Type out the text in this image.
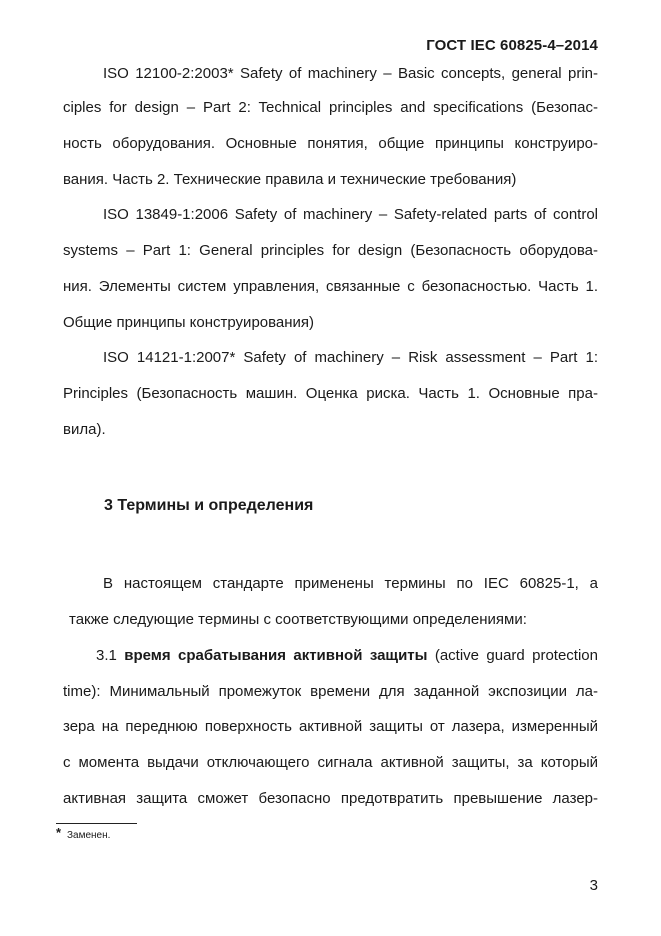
ГОСТ IEC 60825-4–2014
ISO 12100-2:2003* Safety of machinery – Basic concepts, general prin-
ciples for design – Part 2: Technical principles and specifications (Безопас-
ность оборудования. Основные понятия, общие принципы конструиро-
вания. Часть 2. Технические правила и технические требования)
ISO 13849-1:2006 Safety of machinery – Safety-related parts of control
systems – Part 1: General principles for design (Безопасность оборудова-
ния. Элементы систем управления, связанные с безопасностью. Часть 1.
Общие принципы конструирования)
ISO 14121-1:2007* Safety of machinery – Risk assessment – Part 1:
Principles (Безопасность машин. Оценка риска. Часть 1. Основные пра-
вила).
3 Термины и определения
В настоящем стандарте применены термины по IEC 60825-1, а
также следующие термины с соответствующими определениями:
3.1 время срабатывания активной защиты (active guard protection
time): Минимальный промежуток времени для заданной экспозиции ла-
зера на переднюю поверхность активной защиты от лазера, измеренный
с момента выдачи отключающего сигнала активной защиты, за который
активная защита сможет безопасно предотвратить превышение лазер-
* Заменен.
3
